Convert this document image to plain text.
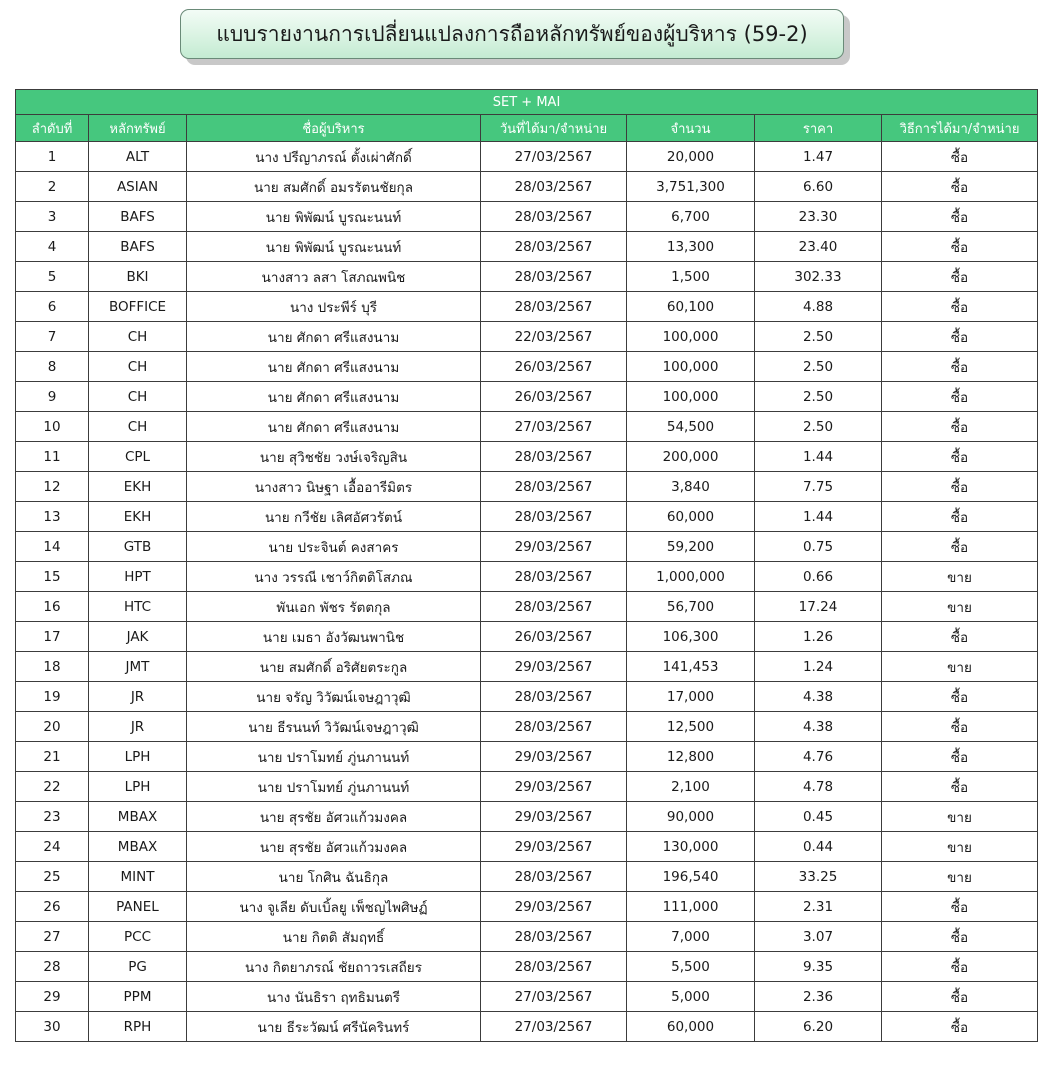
แบบรายงานการเปลี่ยนแปลงการถือหลักทรัพย์ของผู้บริหาร (59-2)
SET + MAI						
ลำดับที่	หลักทรัพย์	ชื่อผู้บริหาร	วันที่ได้มา/จำหน่าย	จำนวน	ราคา	วิธีการได้มา/จำหน่าย
1	ALT	นาง ปรีญาภรณ์ ตั้งเผ่าศักดิ์	27/03/2567	20,000	1.47	ซื้อ
2	ASIAN	นาย สมศักดิ์ อมรรัตนชัยกุล	28/03/2567	3,751,300	6.60	ซื้อ
3	BAFS	นาย พิพัฒน์ บูรณะนนท์	28/03/2567	6,700	23.30	ซื้อ
4	BAFS	นาย พิพัฒน์ บูรณะนนท์	28/03/2567	13,300	23.40	ซื้อ
5	BKI	นางสาว ลสา โสภณพนิช	28/03/2567	1,500	302.33	ซื้อ
6	BOFFICE	นาง ประพีร์ บุรี	28/03/2567	60,100	4.88	ซื้อ
7	CH	นาย ศักดา ศรีแสงนาม	22/03/2567	100,000	2.50	ซื้อ
8	CH	นาย ศักดา ศรีแสงนาม	26/03/2567	100,000	2.50	ซื้อ
9	CH	นาย ศักดา ศรีแสงนาม	26/03/2567	100,000	2.50	ซื้อ
10	CH	นาย ศักดา ศรีแสงนาม	27/03/2567	54,500	2.50	ซื้อ
11	CPL	นาย สุวิชชัย วงษ์เจริญสิน	28/03/2567	200,000	1.44	ซื้อ
12	EKH	นางสาว นิษฐา เอื้ออารีมิตร	28/03/2567	3,840	7.75	ซื้อ
13	EKH	นาย กวีชัย เลิศอัศวรัตน์	28/03/2567	60,000	1.44	ซื้อ
14	GTB	นาย ประจินต์ คงสาคร	29/03/2567	59,200	0.75	ซื้อ
15	HPT	นาง วรรณี เชาว์กิตติโสภณ	28/03/2567	1,000,000	0.66	ขาย
16	HTC	พันเอก พัชร รัตตกุล	28/03/2567	56,700	17.24	ขาย
17	JAK	นาย เมธา อังวัฒนพานิช	26/03/2567	106,300	1.26	ซื้อ
18	JMT	นาย สมศักดิ์ อริศัยตระกูล	29/03/2567	141,453	1.24	ขาย
19	JR	นาย จรัญ วิวัฒน์เจษฎาวุฒิ	28/03/2567	17,000	4.38	ซื้อ
20	JR	นาย ธีรนนท์ วิวัฒน์เจษฎาวุฒิ	28/03/2567	12,500	4.38	ซื้อ
21	LPH	นาย ปราโมทย์ ภู่นภานนท์	29/03/2567	12,800	4.76	ซื้อ
22	LPH	นาย ปราโมทย์ ภู่นภานนท์	29/03/2567	2,100	4.78	ซื้อ
23	MBAX	นาย สุรชัย อัศวแก้วมงคล	29/03/2567	90,000	0.45	ขาย
24	MBAX	นาย สุรชัย อัศวแก้วมงคล	29/03/2567	130,000	0.44	ขาย
25	MINT	นาย โกศิน ฉันธิกุล	28/03/2567	196,540	33.25	ขาย
26	PANEL	นาง จูเลีย ดับเบิ้ลยู เพ็ชญไพศิษฏ์	29/03/2567	111,000	2.31	ซื้อ
27	PCC	นาย กิตติ สัมฤทธิ์	28/03/2567	7,000	3.07	ซื้อ
28	PG	นาง กิตยาภรณ์ ชัยถาวรเสถียร	28/03/2567	5,500	9.35	ซื้อ
29	PPM	นาง นันธิรา ฤทธิมนตรี	27/03/2567	5,000	2.36	ซื้อ
30	RPH	นาย ธีระวัฒน์ ศรีนัครินทร์	27/03/2567	60,000	6.20	ซื้อ
